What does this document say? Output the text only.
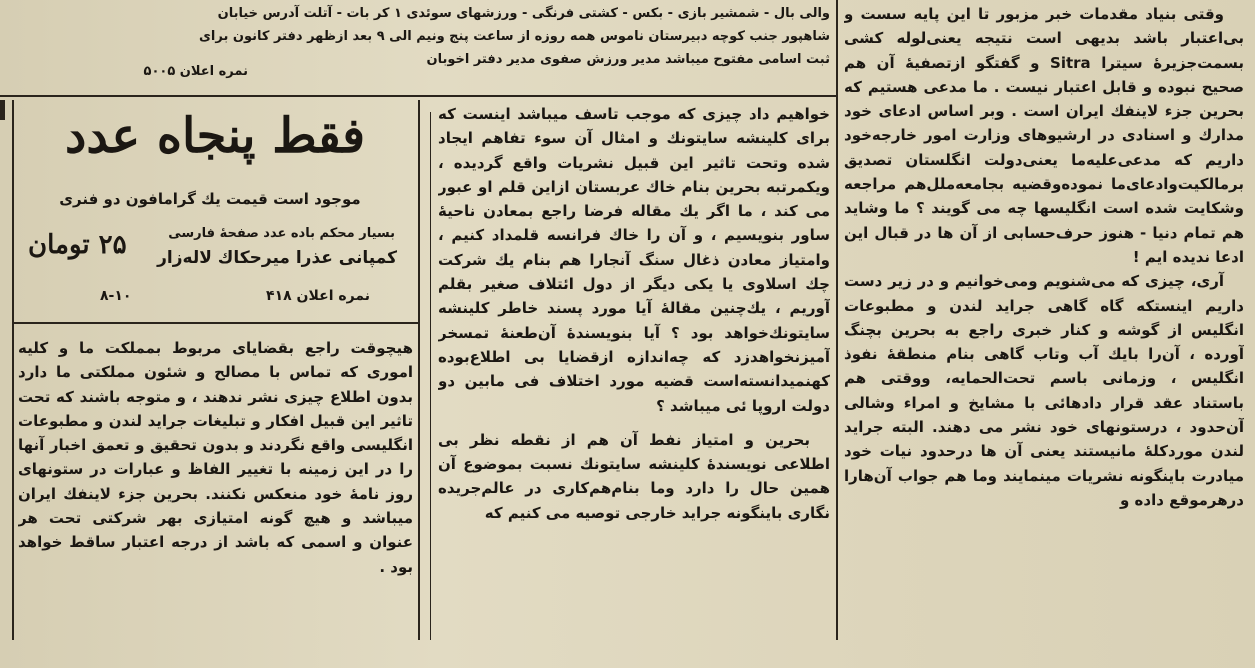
والی بال - شمشیر بازی - بکس - کشتی فرنگی - ورزشهای سوئدی ۱ کر بات - آتلت آدرس خیابان

شاهپور جنب کوچه دبیرستان ناموس همه روزه از ساعت پنج ونیم الی ۹ بعد ازظهر دفتر کانون برای

ثبت اسامی مفتوح میباشد مدیر ورزش صفوی مدیر دفتر اخوبان

نمره اعلان ۵۰۰۵
فقط پنجاه عدد
موجود است قیمت یك گرامافون دو فنری
بسیار محکم باده عدد صفحهٔ فارسی
۲۵ تومان	کمپانی عذرا میرحکاك لاله‌زار
نمره اعلان ۴۱۸
۸-۱۰

هیچوقت راجع بقضایای مربوط بمملکت ما و کلیه اموری که تماس با مصالح و شئون مملکتی ما دارد بدون اطلاع چیزی نشر ندهند ، و متوجه باشند که تحت تاثیر این قبیل افکار و تبلیغات جراید لندن و مطبوعات انگلیسی واقع نگردند و بدون تحقیق و تعمق اخبار آنها را در این زمینه با تغییر الفاظ و عبارات در ستونهای روز نامهٔ خود منعکس نکنند. بحرین جزء لاینفك ایران میباشد و هیچ گونه امتیازی بهر شرکتی تحت هر عنوان و اسمی که باشد از درجه اعتبار ساقط خواهد بود .

خواهیم داد چیزی که موجب تاسف میباشد اینست که برای کلینشه سایتونك و امثال آن سوء تفاهم ایجاد شده وتحت تاثیر این قبیل نشریات واقع گردیده ، ویکمرتبه بحرین بنام خاك عربستان ازاین قلم او عبور می کند ، ما اگر یك مقاله فرضا راجع بمعادن ناحیهٔ ساور بنویسیم ، و آن را خاك فرانسه قلمداد کنیم ، وامتیاز معادن ذغال سنگ آنجارا هم بنام یك شرکت چك اسلاوی یا یکی دیگر از دول ائتلاف صغیر بقلم آوریم ، یك‌چنین مقالهٔ آیا مورد پسند خاطر کلینشه سایتونك‌خواهد بود ؟ آیا بنویسندهٔ آن‌طعنهٔ تمسخر آمیزنخواهدزد که چه‌اندازه ازقضایا بی اطلاع‌بوده کهنمیدانسته‌است قضیه مورد اختلاف فی مابین دو دولت اروپا ئی میباشد ؟

بحرین و امتیاز نفط آن هم از نقطه نظر بی اطلاعی نویسندهٔ کلینشه سایتونك نسبت بموضوع آن همین حال را دارد وما بنام‌هم‌کاری در عالم‌جریده نگاری باینگونه جراید خارجی توصیه می کنیم که

وقتی بنیاد مقدمات خبر مزبور تا این پایه سست و بی‌اعتبار باشد بدیهی است نتیجه یعنی‌لوله کشی بسمت‌جزیرهٔ سیترا Sitra و گفتگو ازتصفیهٔ آن هم صحیح نبوده و قابل اعتبار نیست . ما مدعی هستیم که بحرین جزء لاینفك ایران است . وبر اساس ادعای خود مدارك و اسنادی در ارشیوهای وزارت امور خارجه‌خود داریم که مدعی‌علیه‌ما یعنی‌دولت انگلستان تصدیق برمالکیت‌وادعای‌ما نموده‌وقضیه بجامعه‌ملل‌هم مراجعه وشکایت شده است انگلیسها چه می گویند ؟ ما وشاید هم تمام دنیا - هنوز حرف‌حسابی از آن ها در قبال این ادعا ندیده ایم !

آری، چیزی که می‌شنویم ومی‌خوانیم و در زیر دست داریم اینستکه گاه گاهی جراید لندن و مطبوعات انگلیس از گوشه و کنار خبری راجع به بحرین بچنگ آورده ، آن‌را بایك آب وتاب گاهی بنام منطقهٔ نفوذ انگلیس ، وزمانی باسم تحت‌الحمایه، ووقتی هم باستناد عقد قرار دادهائی با مشایخ و امراء وشالی آن‌حدود ، درستونهای خود نشر می دهند. البته جراید لندن موردکلهٔ مانیستند یعنی آن ها درحدود نیات خود میادرت باینگونه نشریات مینمایند وما هم جواب آن‌هارا درهرموقع داده و
